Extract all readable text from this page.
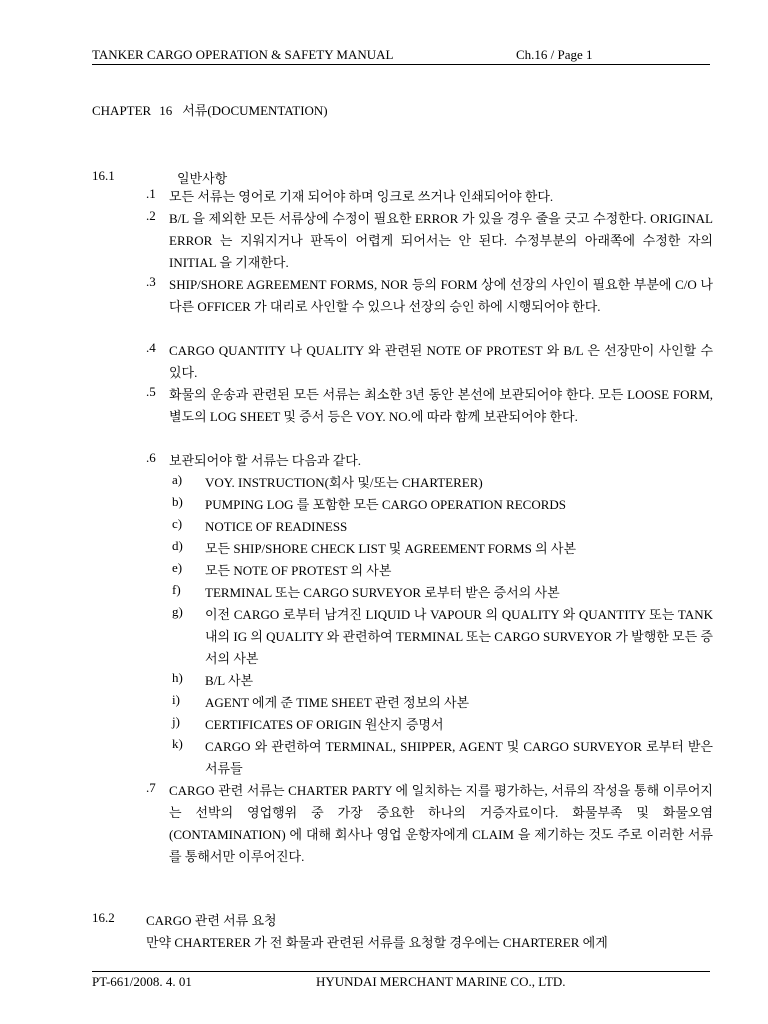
TANKER CARGO OPERATION & SAFETY MANUAL	Ch.16 / Page 1
CHAPTER 16 서류(DOCUMENTATION)
16.1	일반사항
.1 모든 서류는 영어로 기재 되어야 하며 잉크로 쓰거나 인쇄되어야 한다.
.2 B/L 을 제외한 모든 서류상에 수정이 필요한 ERROR 가 있을 경우 줄을 긋고 수정한다. ORIGINAL ERROR 는 지워지거나 판독이 어렵게 되어서는 안 된다. 수정부분의 아래쪽에 수정한 자의 INITIAL 을 기재한다.
.3 SHIP/SHORE AGREEMENT FORMS, NOR 등의 FORM 상에 선장의 사인이 필요한 부분에 C/O 나 다른 OFFICER 가 대리로 사인할 수 있으나 선장의 승인 하에 시행되어야 한다.
.4 CARGO QUANTITY 나 QUALITY 와 관련된 NOTE OF PROTEST 와 B/L 은 선장만이 사인할 수 있다.
.5 화물의 운송과 관련된 모든 서류는 최소한 3년 동안 본선에 보관되어야 한다. 모든 LOOSE FORM, 별도의 LOG SHEET 및 증서 등은 VOY. NO.에 따라 함께 보관되어야 한다.
.6 보관되어야 할 서류는 다음과 같다.
a) VOY. INSTRUCTION(회사 및/또는 CHARTERER)
b) PUMPING LOG 를 포함한 모든 CARGO OPERATION RECORDS
c) NOTICE OF READINESS
d) 모든 SHIP/SHORE CHECK LIST 및 AGREEMENT FORMS 의 사본
e) 모든 NOTE OF PROTEST 의 사본
f) TERMINAL 또는 CARGO SURVEYOR 로부터 받은 증서의 사본
g) 이전 CARGO 로부터 남겨진 LIQUID 나 VAPOUR 의 QUALITY 와 QUANTITY 또는 TANK 내의 IG 의 QUALITY 와 관련하여 TERMINAL 또는 CARGO SURVEYOR 가 발행한 모든 증서의 사본
h) B/L 사본
i) AGENT 에게 준 TIME SHEET 관련 정보의 사본
j) CERTIFICATES OF ORIGIN 원산지 증명서
k) CARGO 와 관련하여 TERMINAL, SHIPPER, AGENT 및 CARGO SURVEYOR 로부터 받은 서류들
.7 CARGO 관련 서류는 CHARTER PARTY 에 일치하는 지를 평가하는, 서류의 작성을 통해 이루어지는 선박의 영업행위 중 가장 중요한 하나의 거증자료이다. 화물부족 및 화물오염(CONTAMINATION) 에 대해 회사나 영업 운항자에게 CLAIM 을 제기하는 것도 주로 이러한 서류를 통해서만 이루어진다.
16.2 CARGO 관련 서류 요청
만약 CHARTERER 가 전 화물과 관련된 서류를 요청할 경우에는 CHARTERER 에게
PT-661/2008. 4. 01	HYUNDAI MERCHANT MARINE CO., LTD.
